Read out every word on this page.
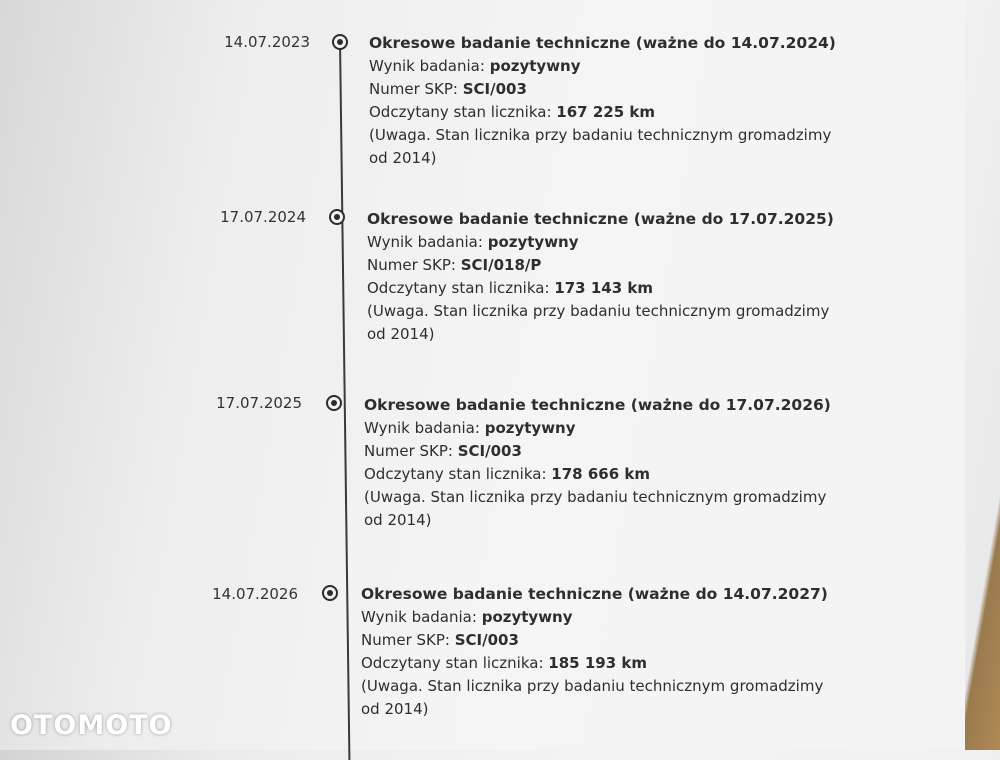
14.07.2023	Okresowe badanie techniczne (ważne do 14.07.2024)
Wynik badania: pozytywny
Numer SKP: SCI/003
Odczytany stan licznika: 167 225 km
(Uwaga. Stan licznika przy badaniu technicznym gromadzimy od 2014)
17.07.2024	Okresowe badanie techniczne (ważne do 17.07.2025)
Wynik badania: pozytywny
Numer SKP: SCI/018/P
Odczytany stan licznika: 173 143 km
(Uwaga. Stan licznika przy badaniu technicznym gromadzimy od 2014)
17.07.2025	Okresowe badanie techniczne (ważne do 17.07.2026)
Wynik badania: pozytywny
Numer SKP: SCI/003
Odczytany stan licznika: 178 666 km
(Uwaga. Stan licznika przy badaniu technicznym gromadzimy od 2014)
14.07.2026	Okresowe badanie techniczne (ważne do 14.07.2027)
Wynik badania: pozytywny
Numer SKP: SCI/003
Odczytany stan licznika: 185 193 km
(Uwaga. Stan licznika przy badaniu technicznym gromadzimy od 2014)
OTOMOTO
